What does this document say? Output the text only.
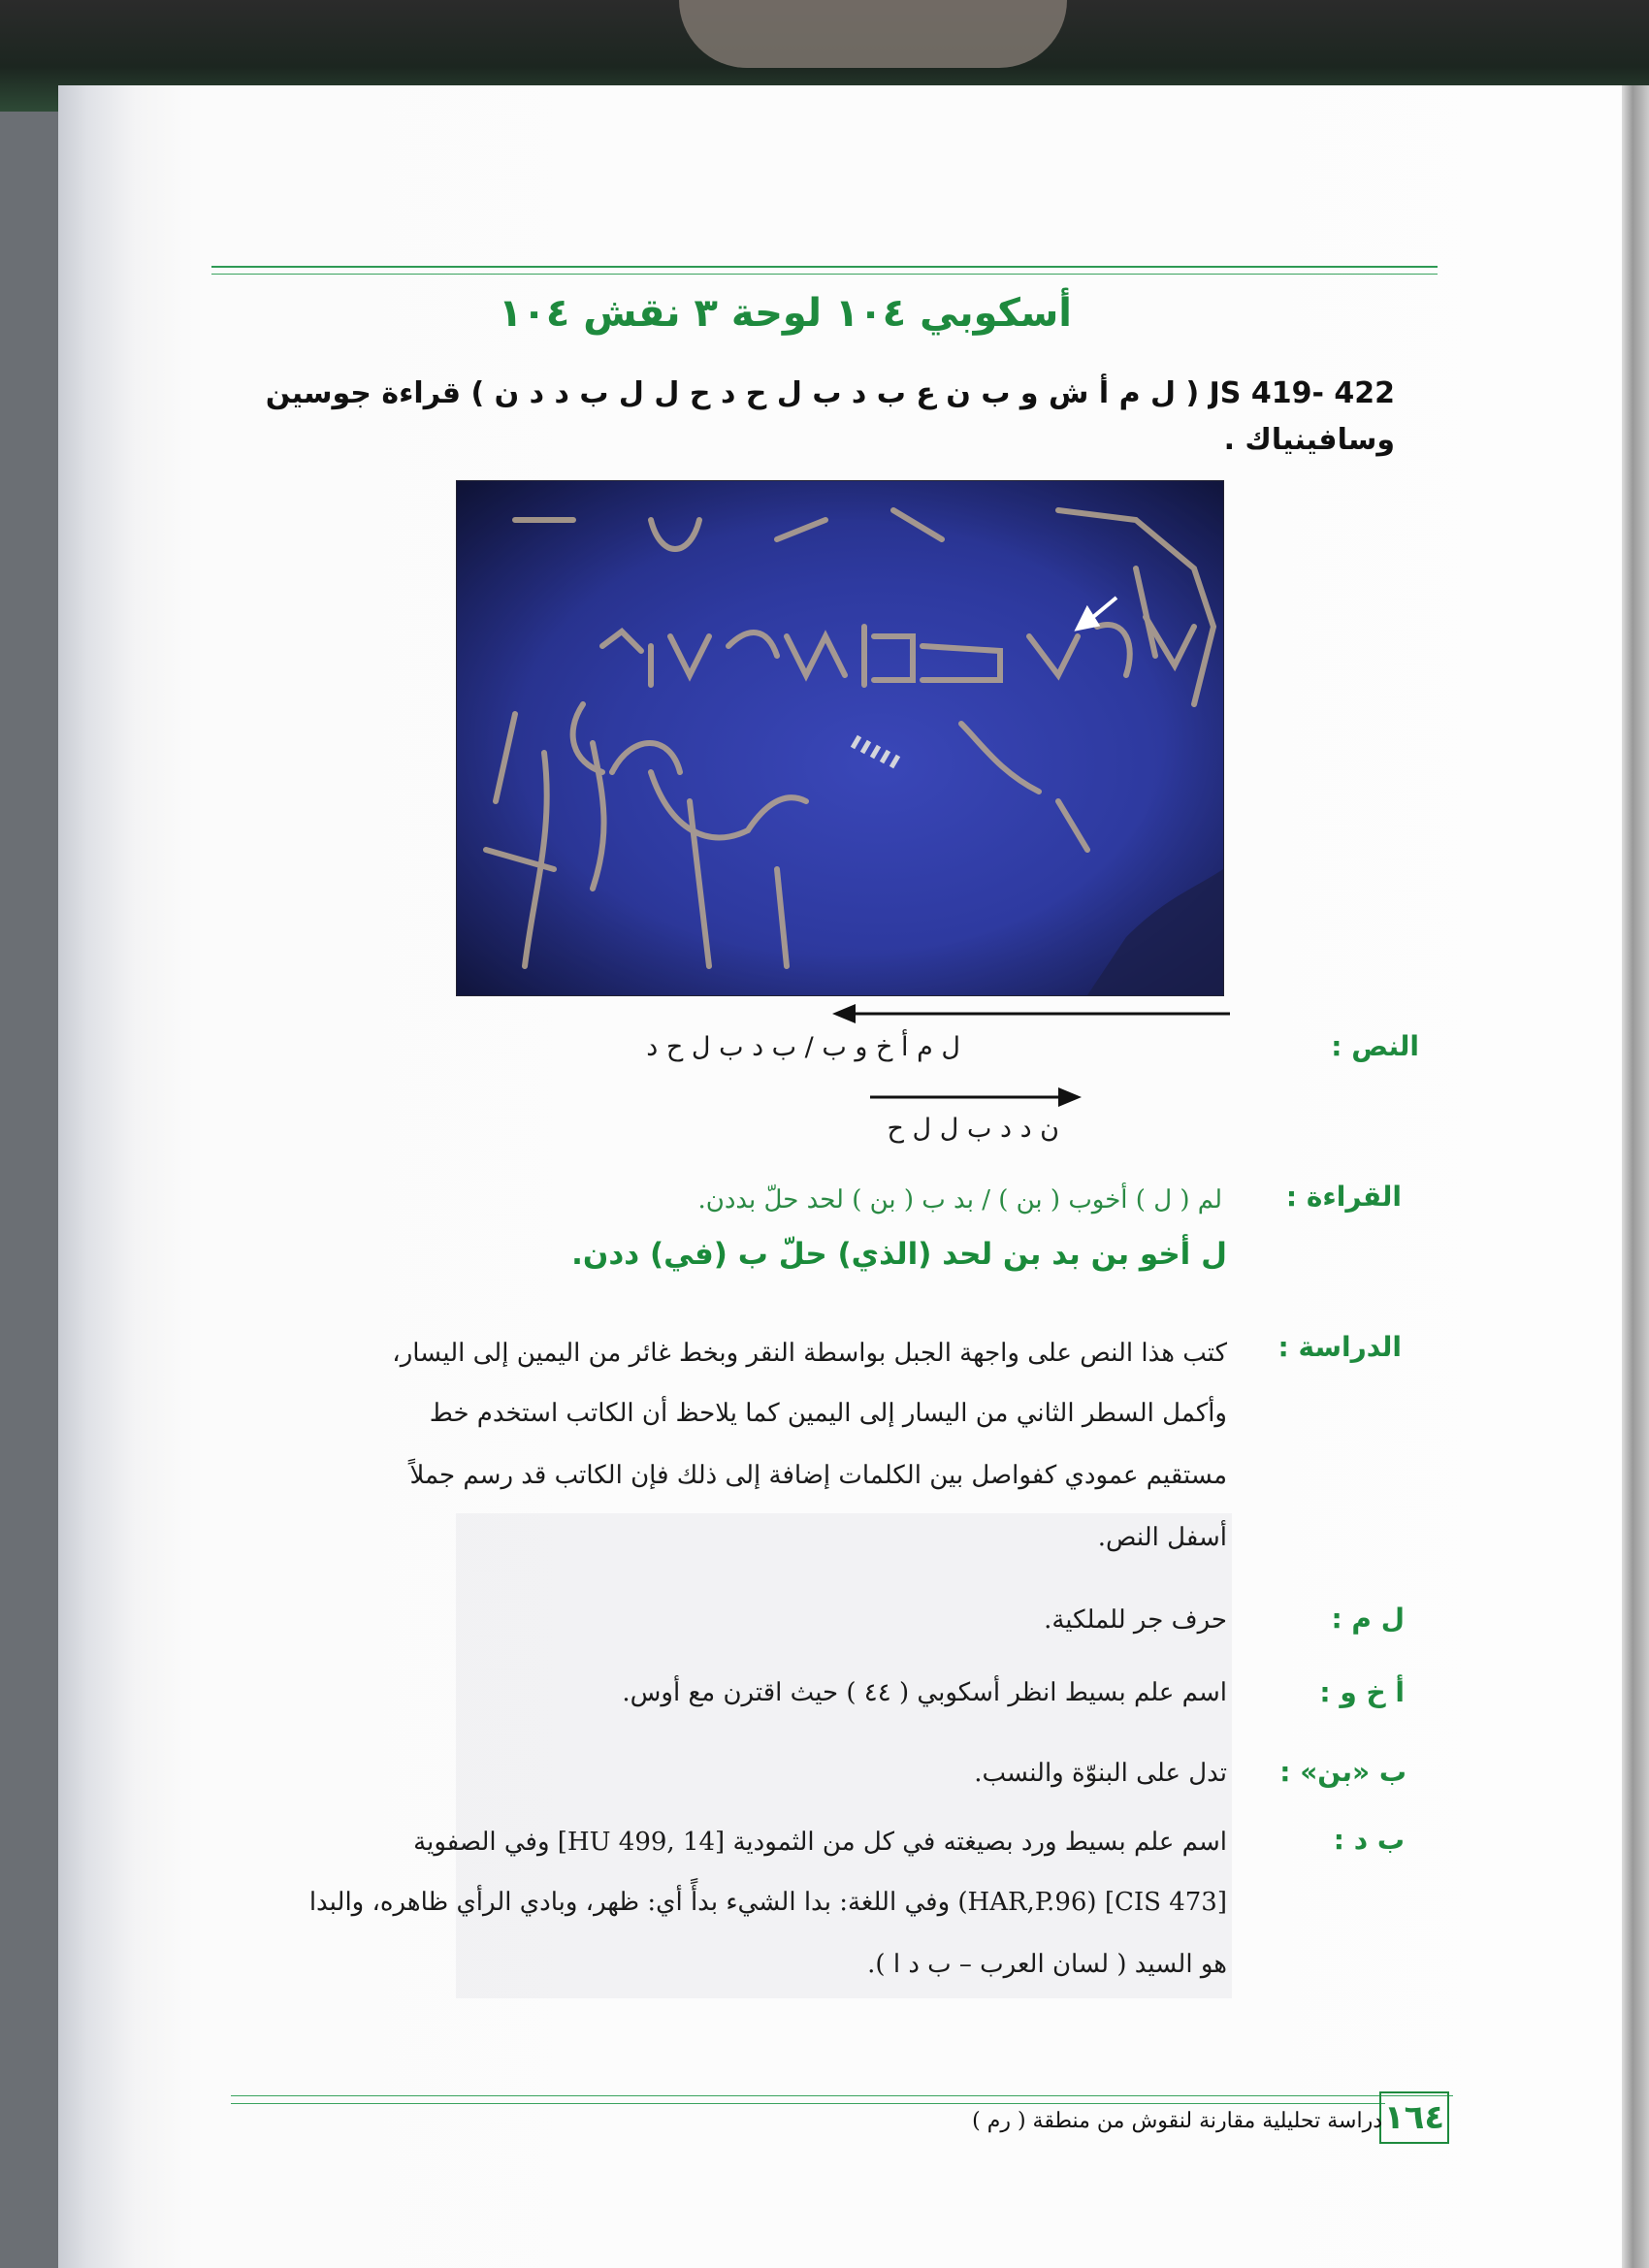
أسكوبي ١٠٤ لوحة ٣ نقش ١٠٤
JS 419- 422 ( ل م أ ش و ب ن ع ب د ب ل ح د ح ل ل ب د د ن ) قراءة جوسين وسافينياك .
النص :
ل م أ خ و ب / ب د ب ل ح د
ن د د ب ل ل ح
القراءة :
لم ( ل ) أخوب ( بن ) / بد ب ( بن ) لحد حلّ بددن.
ل أخو بن بد بن لحد (الذي) حلّ ب (في) ددن.
الدراسة :
كتب هذا النص على واجهة الجبل بواسطة النقر وبخط غائر من اليمين إلى اليسار،
وأكمل السطر الثاني من اليسار إلى اليمين كما يلاحظ أن الكاتب استخدم خط
مستقيم عمودي كفواصل بين الكلمات إضافة إلى ذلك فإن الكاتب قد رسم جملاً
أسفل النص.
ل م :
حرف جر للملكية.
أ خ و :
اسم علم بسيط انظر أسكوبي ( ٤٤ ) حيث اقترن مع أوس.
ب «بن» :
تدل على البنوّة والنسب.
ب د :
اسم علم بسيط ورد بصيغته في كل من الثمودية [HU 499, 14] وفي الصفوية
[CIS 473] (HAR,P.96) وفي اللغة: بدا الشيء بدأً أي: ظهر، وبادي الرأي ظاهره، والبدا
هو السيد ( لسان العرب – ب د ا ).
١٦٤
دراسة تحليلية مقارنة لنقوش من منطقة ( رم )
